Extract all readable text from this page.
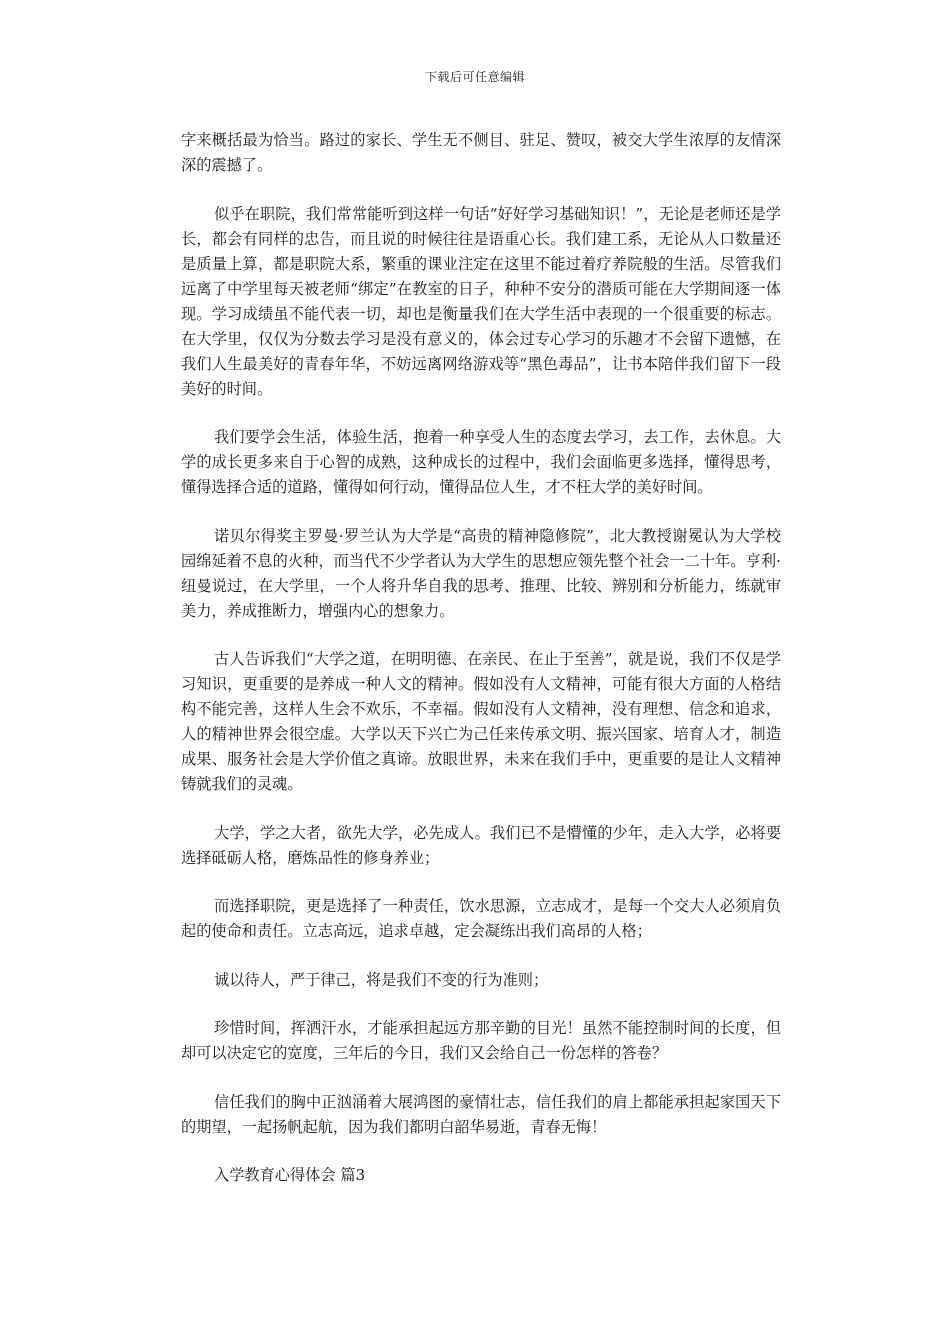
下载后可任意编辑

字来概括最为恰当。路过的家长、学生无不侧目、驻足、赞叹，被交大学生浓厚的友情深深的震撼了。

似乎在职院，我们常常能听到这样一句话“好好学习基础知识！”，无论是老师还是学长，都会有同样的忠告，而且说的时候往往是语重心长。我们建工系，无论从人口数量还是质量上算，都是职院大系，繁重的课业注定在这里不能过着疗养院般的生活。尽管我们远离了中学里每天被老师“绑定”在教室的日子，种种不安分的潜质可能在大学期间逐一体现。学习成绩虽不能代表一切，却也是衡量我们在大学生活中表现的一个很重要的标志。在大学里，仅仅为分数去学习是没有意义的，体会过专心学习的乐趣才不会留下遗憾，在我们人生最美好的青春年华，不妨远离网络游戏等“黑色毒品”，让书本陪伴我们留下一段美好的时间。

我们要学会生活，体验生活，抱着一种享受人生的态度去学习，去工作，去休息。大学的成长更多来自于心智的成熟，这种成长的过程中，我们会面临更多选择，懂得思考，懂得选择合适的道路，懂得如何行动，懂得品位人生，才不枉大学的美好时间。

诺贝尔得奖主罗曼·罗兰认为大学是“高贵的精神隐修院”，北大教授谢冕认为大学校园绵延着不息的火种，而当代不少学者认为大学生的思想应领先整个社会一二十年。亨利·纽曼说过，在大学里，一个人将升华自我的思考、推理、比较、辨别和分析能力，练就审美力，养成推断力，增强内心的想象力。

古人告诉我们“大学之道，在明明德、在亲民、在止于至善”，就是说，我们不仅是学习知识，更重要的是养成一种人文的精神。假如没有人文精神，可能有很大方面的人格结构不能完善，这样人生会不欢乐，不幸福。假如没有人文精神，没有理想、信念和追求，人的精神世界会很空虚。大学以天下兴亡为己任来传承文明、振兴国家、培育人才，制造成果、服务社会是大学价值之真谛。放眼世界，未来在我们手中，更重要的是让人文精神铸就我们的灵魂。

大学，学之大者，欲先大学，必先成人。我们已不是懵懂的少年，走入大学，必将要选择砥砺人格，磨炼品性的修身养业；

而选择职院，更是选择了一种责任，饮水思源，立志成才，是每一个交大人必须肩负起的使命和责任。立志高远，追求卓越，定会凝练出我们高昂的人格；

诚以待人，严于律己，将是我们不变的行为准则；

珍惜时间，挥洒汗水，才能承担起远方那辛勤的目光！虽然不能控制时间的长度，但却可以决定它的宽度，三年后的今日，我们又会给自己一份怎样的答卷？

信任我们的胸中正汹涌着大展鸿图的豪情壮志，信任我们的肩上都能承担起家国天下的期望，一起扬帆起航，因为我们都明白韶华易逝，青春无悔！

入学教育心得体会 篇3
